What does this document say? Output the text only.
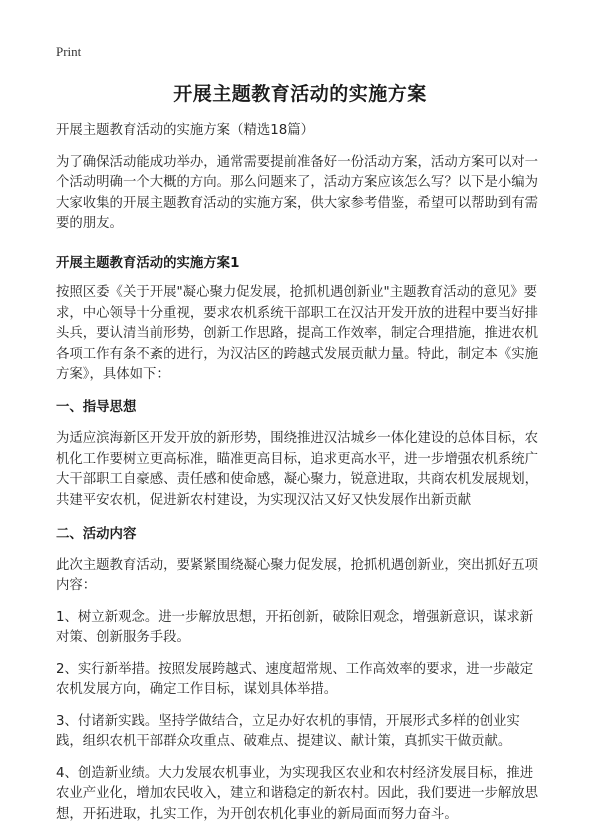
Print
开展主题教育活动的实施方案

开展主题教育活动的实施方案（精选18篇）

为了确保活动能成功举办，通常需要提前准备好一份活动方案，活动方案可以对一个活动明确一个大概的方向。那么问题来了，活动方案应该怎么写？以下是小编为大家收集的开展主题教育活动的实施方案，供大家参考借鉴，希望可以帮助到有需要的朋友。

开展主题教育活动的实施方案1

按照区委《关于开展"凝心聚力促发展，抢抓机遇创新业"主题教育活动的意见》要求，中心领导十分重视，要求农机系统干部职工在汉沽开发开放的进程中要当好排头兵，要认清当前形势，创新工作思路，提高工作效率，制定合理措施，推进农机各项工作有条不紊的进行，为汉沽区的跨越式发展贡献力量。特此，制定本《实施方案》，具体如下：

一、指导思想

为适应滨海新区开发开放的新形势，围绕推进汉沽城乡一体化建设的总体目标，农机化工作要树立更高标准，瞄准更高目标，追求更高水平，进一步增强农机系统广大干部职工自豪感、责任感和使命感，凝心聚力，锐意进取，共商农机发展规划，共建平安农机，促进新农村建设，为实现汉沽又好又快发展作出新贡献

二、活动内容

此次主题教育活动，要紧紧围绕凝心聚力促发展，抢抓机遇创新业，突出抓好五项内容：

1、树立新观念。进一步解放思想，开拓创新，破除旧观念，增强新意识，谋求新对策、创新服务手段。

2、实行新举措。按照发展跨越式、速度超常规、工作高效率的要求，进一步敲定农机发展方向，确定工作目标，谋划具体举措。

3、付诸新实践。坚持学做结合，立足办好农机的事情，开展形式多样的创业实践，组织农机干部群众攻重点、破难点、提建议、献计策，真抓实干做贡献。

4、创造新业绩。大力发展农机事业，为实现我区农业和农村经济发展目标，推进农业产业化，增加农民收入，建立和谐稳定的新农村。因此，我们要进一步解放思想，开拓进取，扎实工作，为开创农机化事业的新局面而努力奋斗。
